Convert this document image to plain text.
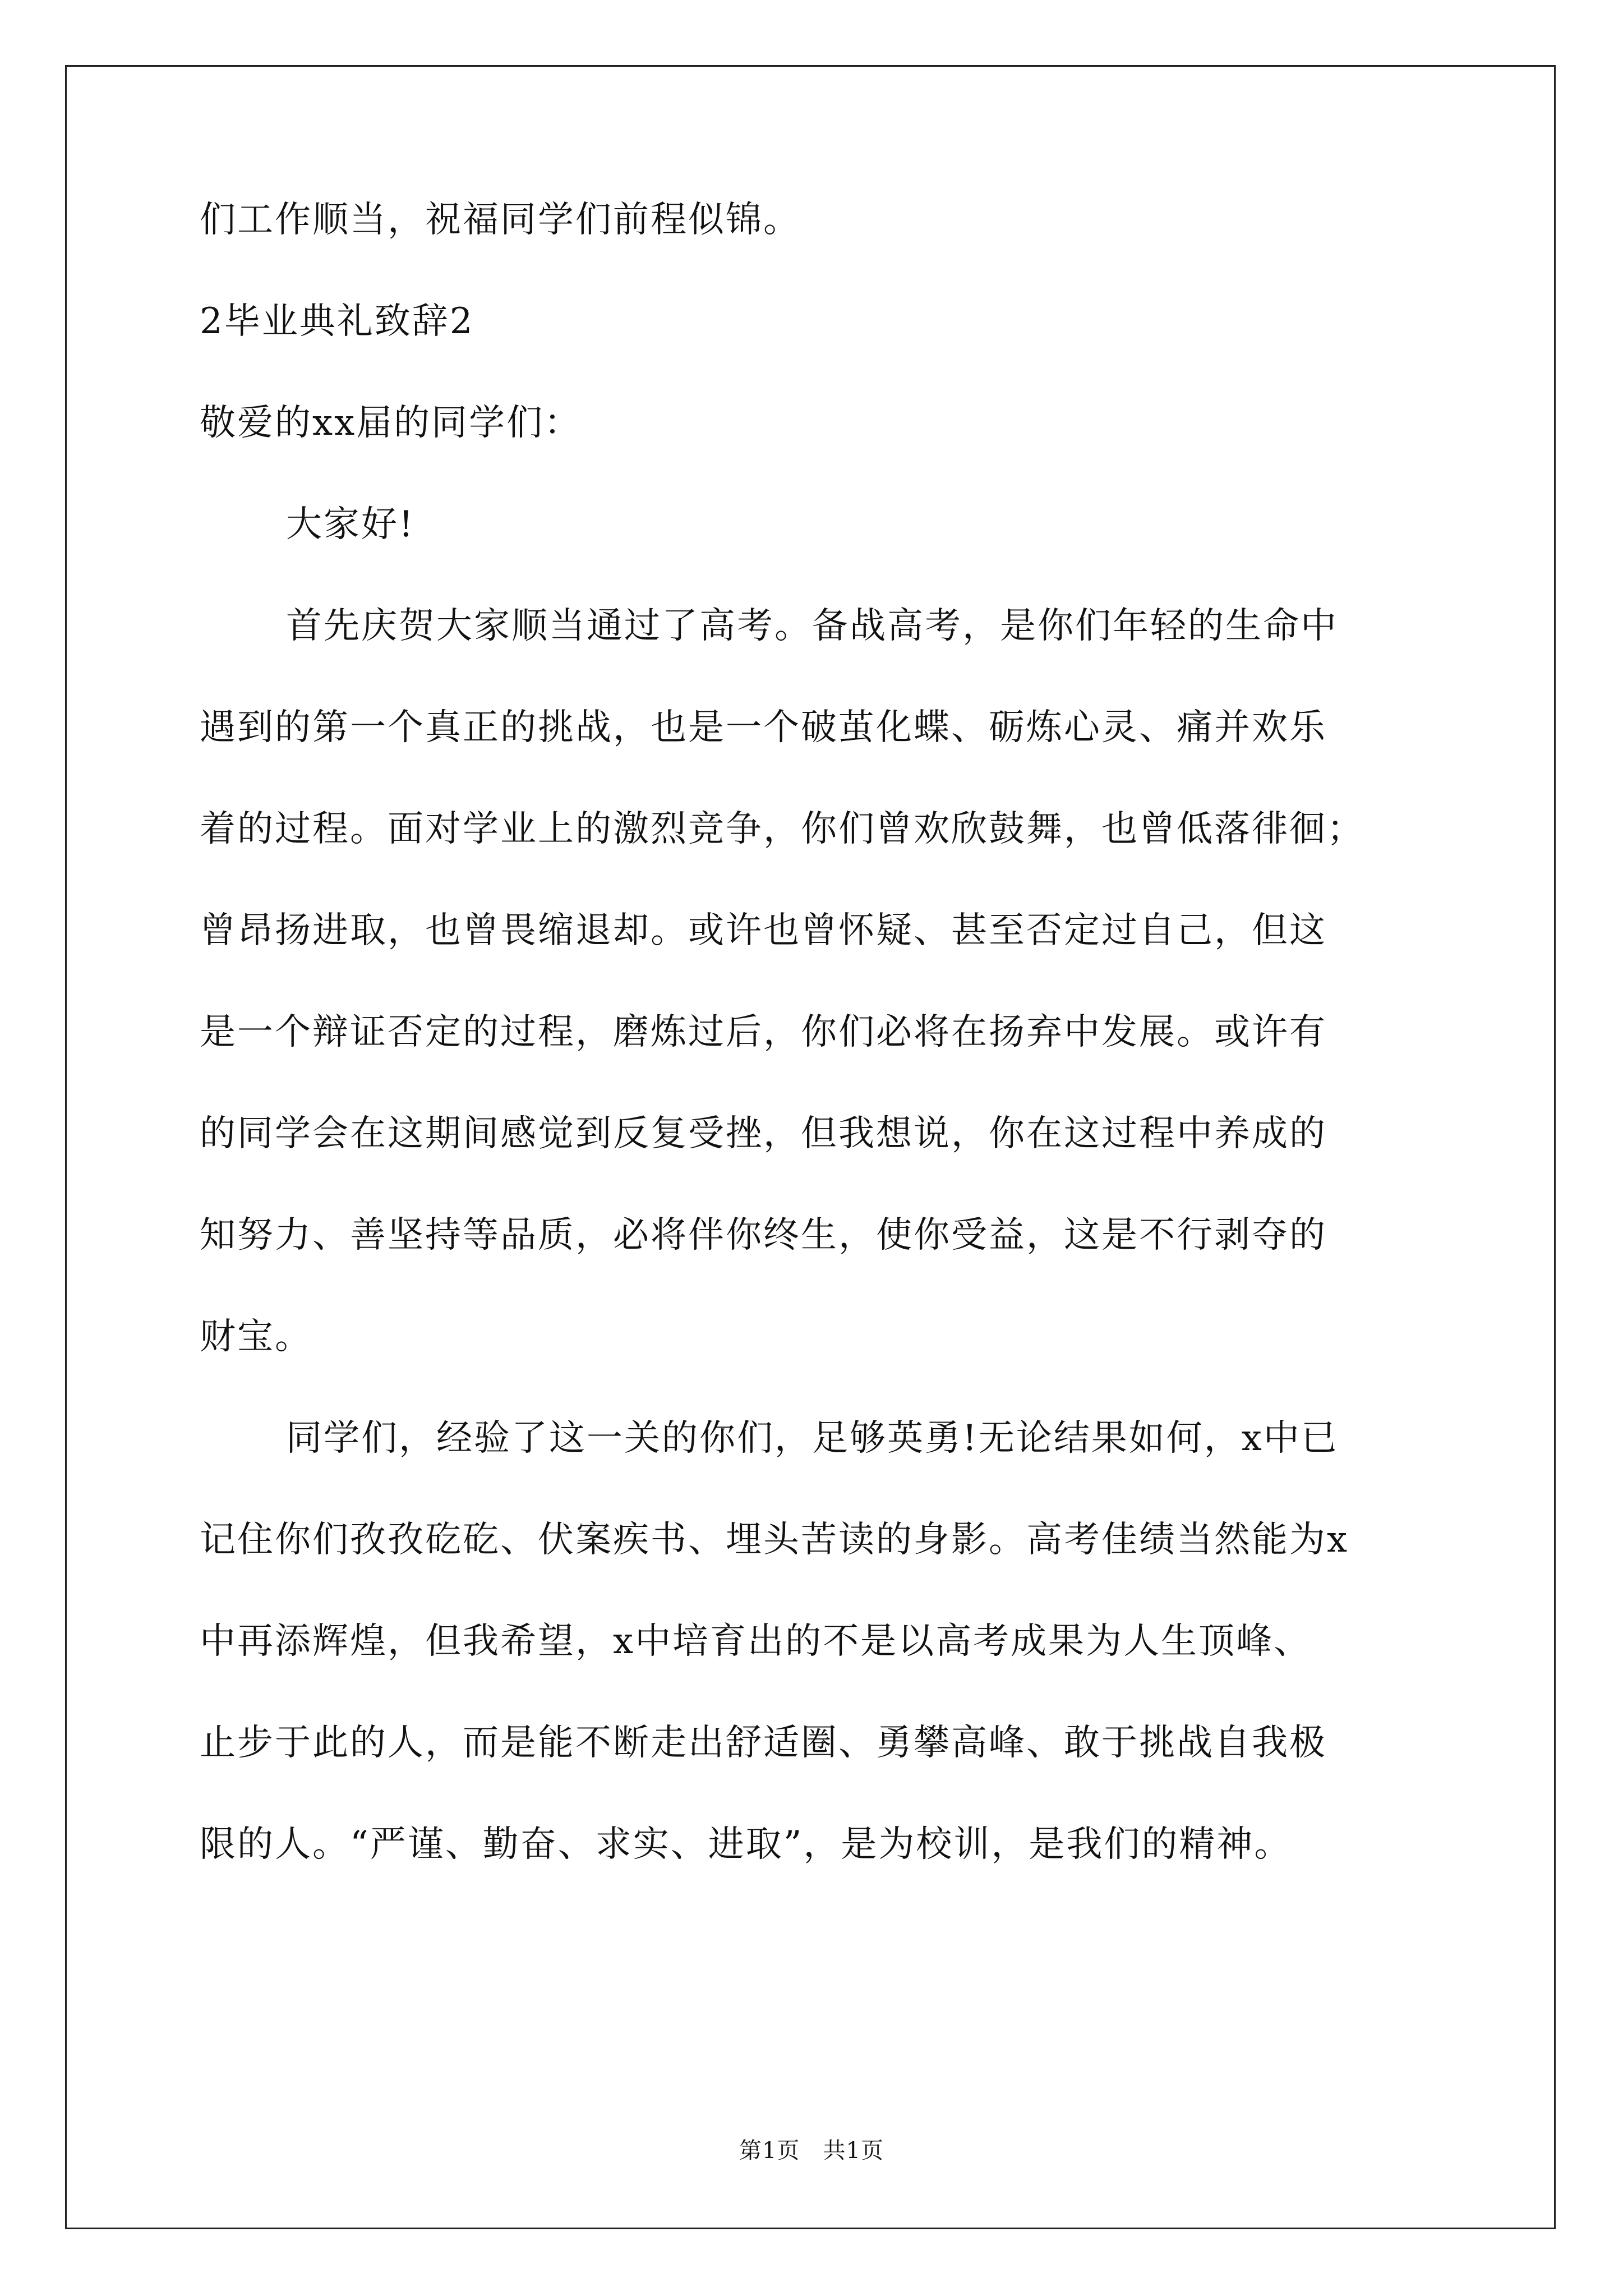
们工作顺当，祝福同学们前程似锦。
2毕业典礼致辞2
敬爱的xx届的同学们：
大家好!
首先庆贺大家顺当通过了高考。备战高考，是你们年轻的生命中
遇到的第一个真正的挑战，也是一个破茧化蝶、砺炼心灵、痛并欢乐
着的过程。面对学业上的激烈竞争，你们曾欢欣鼓舞，也曾低落徘徊；
曾昂扬进取，也曾畏缩退却。或许也曾怀疑、甚至否定过自己，但这
是一个辩证否定的过程，磨炼过后，你们必将在扬弃中发展。或许有
的同学会在这期间感觉到反复受挫，但我想说，你在这过程中养成的
知努力、善坚持等品质，必将伴你终生，使你受益，这是不行剥夺的
财宝。
同学们，经验了这一关的你们，足够英勇!无论结果如何，x中已
记住你们孜孜矻矻、伏案疾书、埋头苦读的身影。高考佳绩当然能为x
中再添辉煌，但我希望，x中培育出的不是以高考成果为人生顶峰、
止步于此的人，而是能不断走出舒适圈、勇攀高峰、敢于挑战自我极
限的人。“严谨、勤奋、求实、进取”，是为校训，是我们的精神。
第1页   共1页
